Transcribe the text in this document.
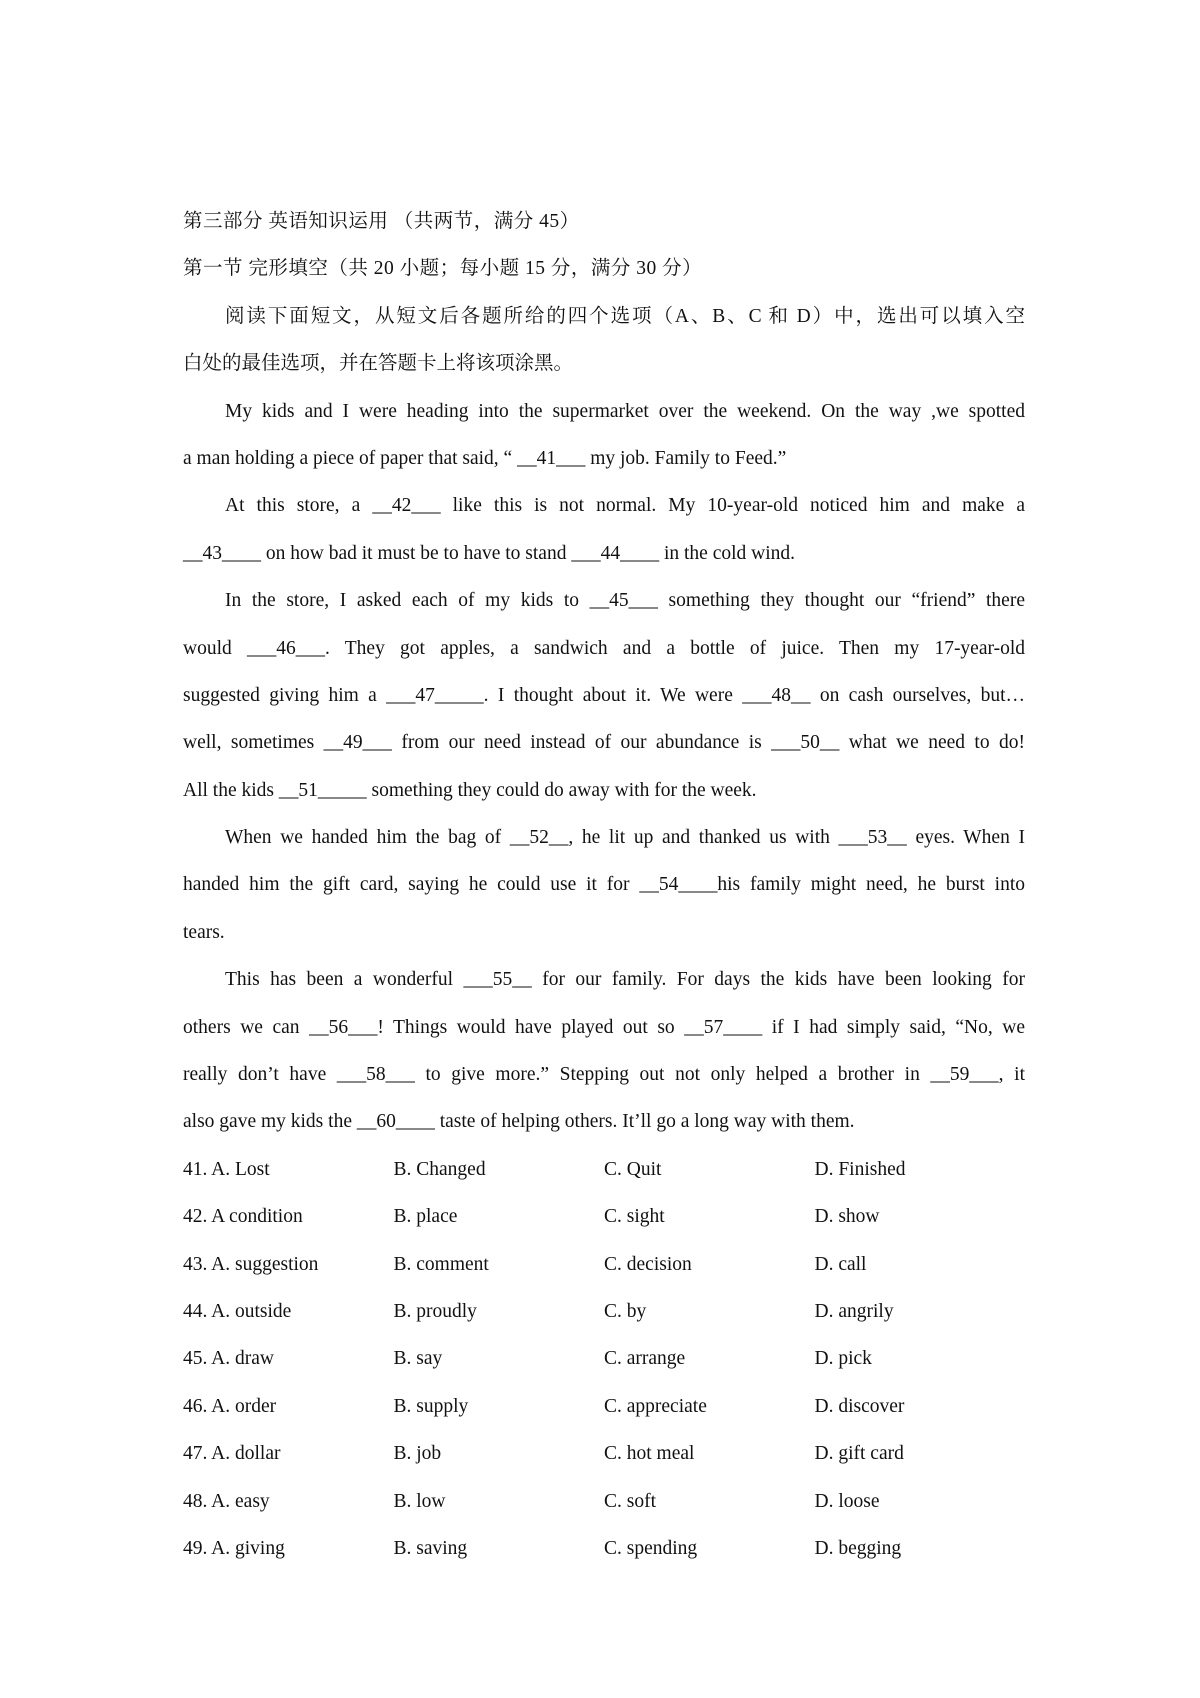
第三部分 英语知识运用 （共两节，满分 45）
第一节 完形填空（共 20 小题；每小题 15 分，满分 30 分）
阅读下面短文，从短文后各题所给的四个选项（A、B、C 和 D）中，选出可以填入空
白处的最佳选项，并在答题卡上将该项涂黑。
My kids and I were heading into the supermarket over the weekend. On the way ,we spotted
a man holding a piece of paper that said, “ __41___ my job. Family to Feed.”
At this store, a __42___ like this is not normal. My 10-year-old noticed him and make a
__43____ on how bad it must be to have to stand ___44____ in the cold wind.
In the store, I asked each of my kids to __45___ something they thought our “friend” there
would ___46___. They got apples, a sandwich and a bottle of juice. Then my 17-year-old
suggested giving him a ___47_____. I thought about it. We were ___48__ on cash ourselves, but…
well, sometimes __49___ from our need instead of our abundance is ___50__ what we need to do!
All the kids __51_____ something they could do away with for the week.
When we handed him the bag of __52__, he lit up and thanked us with ___53__ eyes. When I
handed him the gift card, saying he could use it for __54____his family might need, he burst into
tears.
This has been a wonderful ___55__ for our family. For days the kids have been looking for
others we can __56___! Things would have played out so __57____ if I had simply said, “No, we
really don’t have ___58___ to give more.” Stepping out not only helped a brother in __59___, it
also gave my kids the __60____ taste of helping others. It’ll go a long way with them.
41. A. Lost	B. Changed	C. Quit	D. Finished
42. A condition	B. place	C. sight	D. show
43. A. suggestion	B. comment	C. decision	D. call
44. A. outside	B. proudly	C. by	D. angrily
45. A. draw	B. say	C. arrange	D. pick
46. A. order	B. supply	C. appreciate	D. discover
47. A. dollar	B. job	C. hot meal	D. gift card
48. A. easy	B. low	C. soft	D. loose
49. A. giving	B. saving	C. spending	D. begging
